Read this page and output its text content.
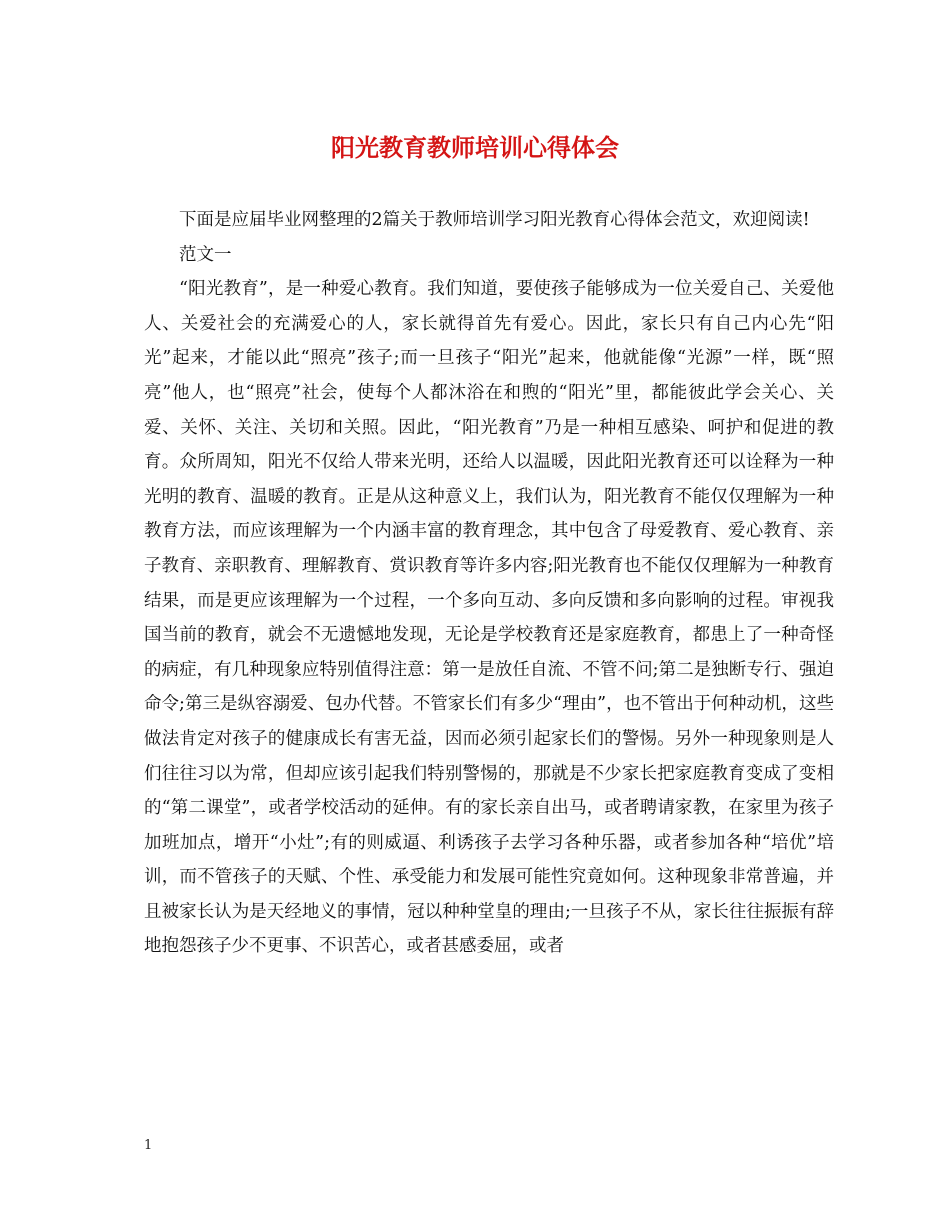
阳光教育教师培训心得体会

下面是应届毕业网整理的2篇关于教师培训学习阳光教育心得体会范文，欢迎阅读!

范文一

“阳光教育”，是一种爱心教育。我们知道，要使孩子能够成为一位关爱自己、关爱他人、关爱社会的充满爱心的人，家长就得首先有爱心。因此，家长只有自己内心先“阳光”起来，才能以此“照亮”孩子;而一旦孩子“阳光”起来，他就能像“光源”一样，既“照亮”他人，也“照亮”社会，使每个人都沐浴在和煦的“阳光”里，都能彼此学会关心、关爱、关怀、关注、关切和关照。因此，“阳光教育”乃是一种相互感染、呵护和促进的教育。众所周知，阳光不仅给人带来光明，还给人以温暖，因此阳光教育还可以诠释为一种光明的教育、温暖的教育。正是从这种意义上，我们认为，阳光教育不能仅仅理解为一种教育方法，而应该理解为一个内涵丰富的教育理念，其中包含了母爱教育、爱心教育、亲子教育、亲职教育、理解教育、赏识教育等许多内容;阳光教育也不能仅仅理解为一种教育结果，而是更应该理解为一个过程，一个多向互动、多向反馈和多向影响的过程。审视我国当前的教育，就会不无遗憾地发现，无论是学校教育还是家庭教育，都患上了一种奇怪的病症，有几种现象应特别值得注意：第一是放任自流、不管不问;第二是独断专行、强迫命令;第三是纵容溺爱、包办代替。不管家长们有多少“理由”，也不管出于何种动机，这些做法肯定对孩子的健康成长有害无益，因而必须引起家长们的警惕。另外一种现象则是人们往往习以为常，但却应该引起我们特别警惕的，那就是不少家长把家庭教育变成了变相的“第二课堂”，或者学校活动的延伸。有的家长亲自出马，或者聘请家教，在家里为孩子加班加点，增开“小灶”;有的则威逼、利诱孩子去学习各种乐器，或者参加各种“培优”培训，而不管孩子的天赋、个性、承受能力和发展可能性究竟如何。这种现象非常普遍，并且被家长认为是天经地义的事情，冠以种种堂皇的理由;一旦孩子不从，家长往往振振有辞地抱怨孩子少不更事、不识苦心，或者甚感委屈，或者

1
